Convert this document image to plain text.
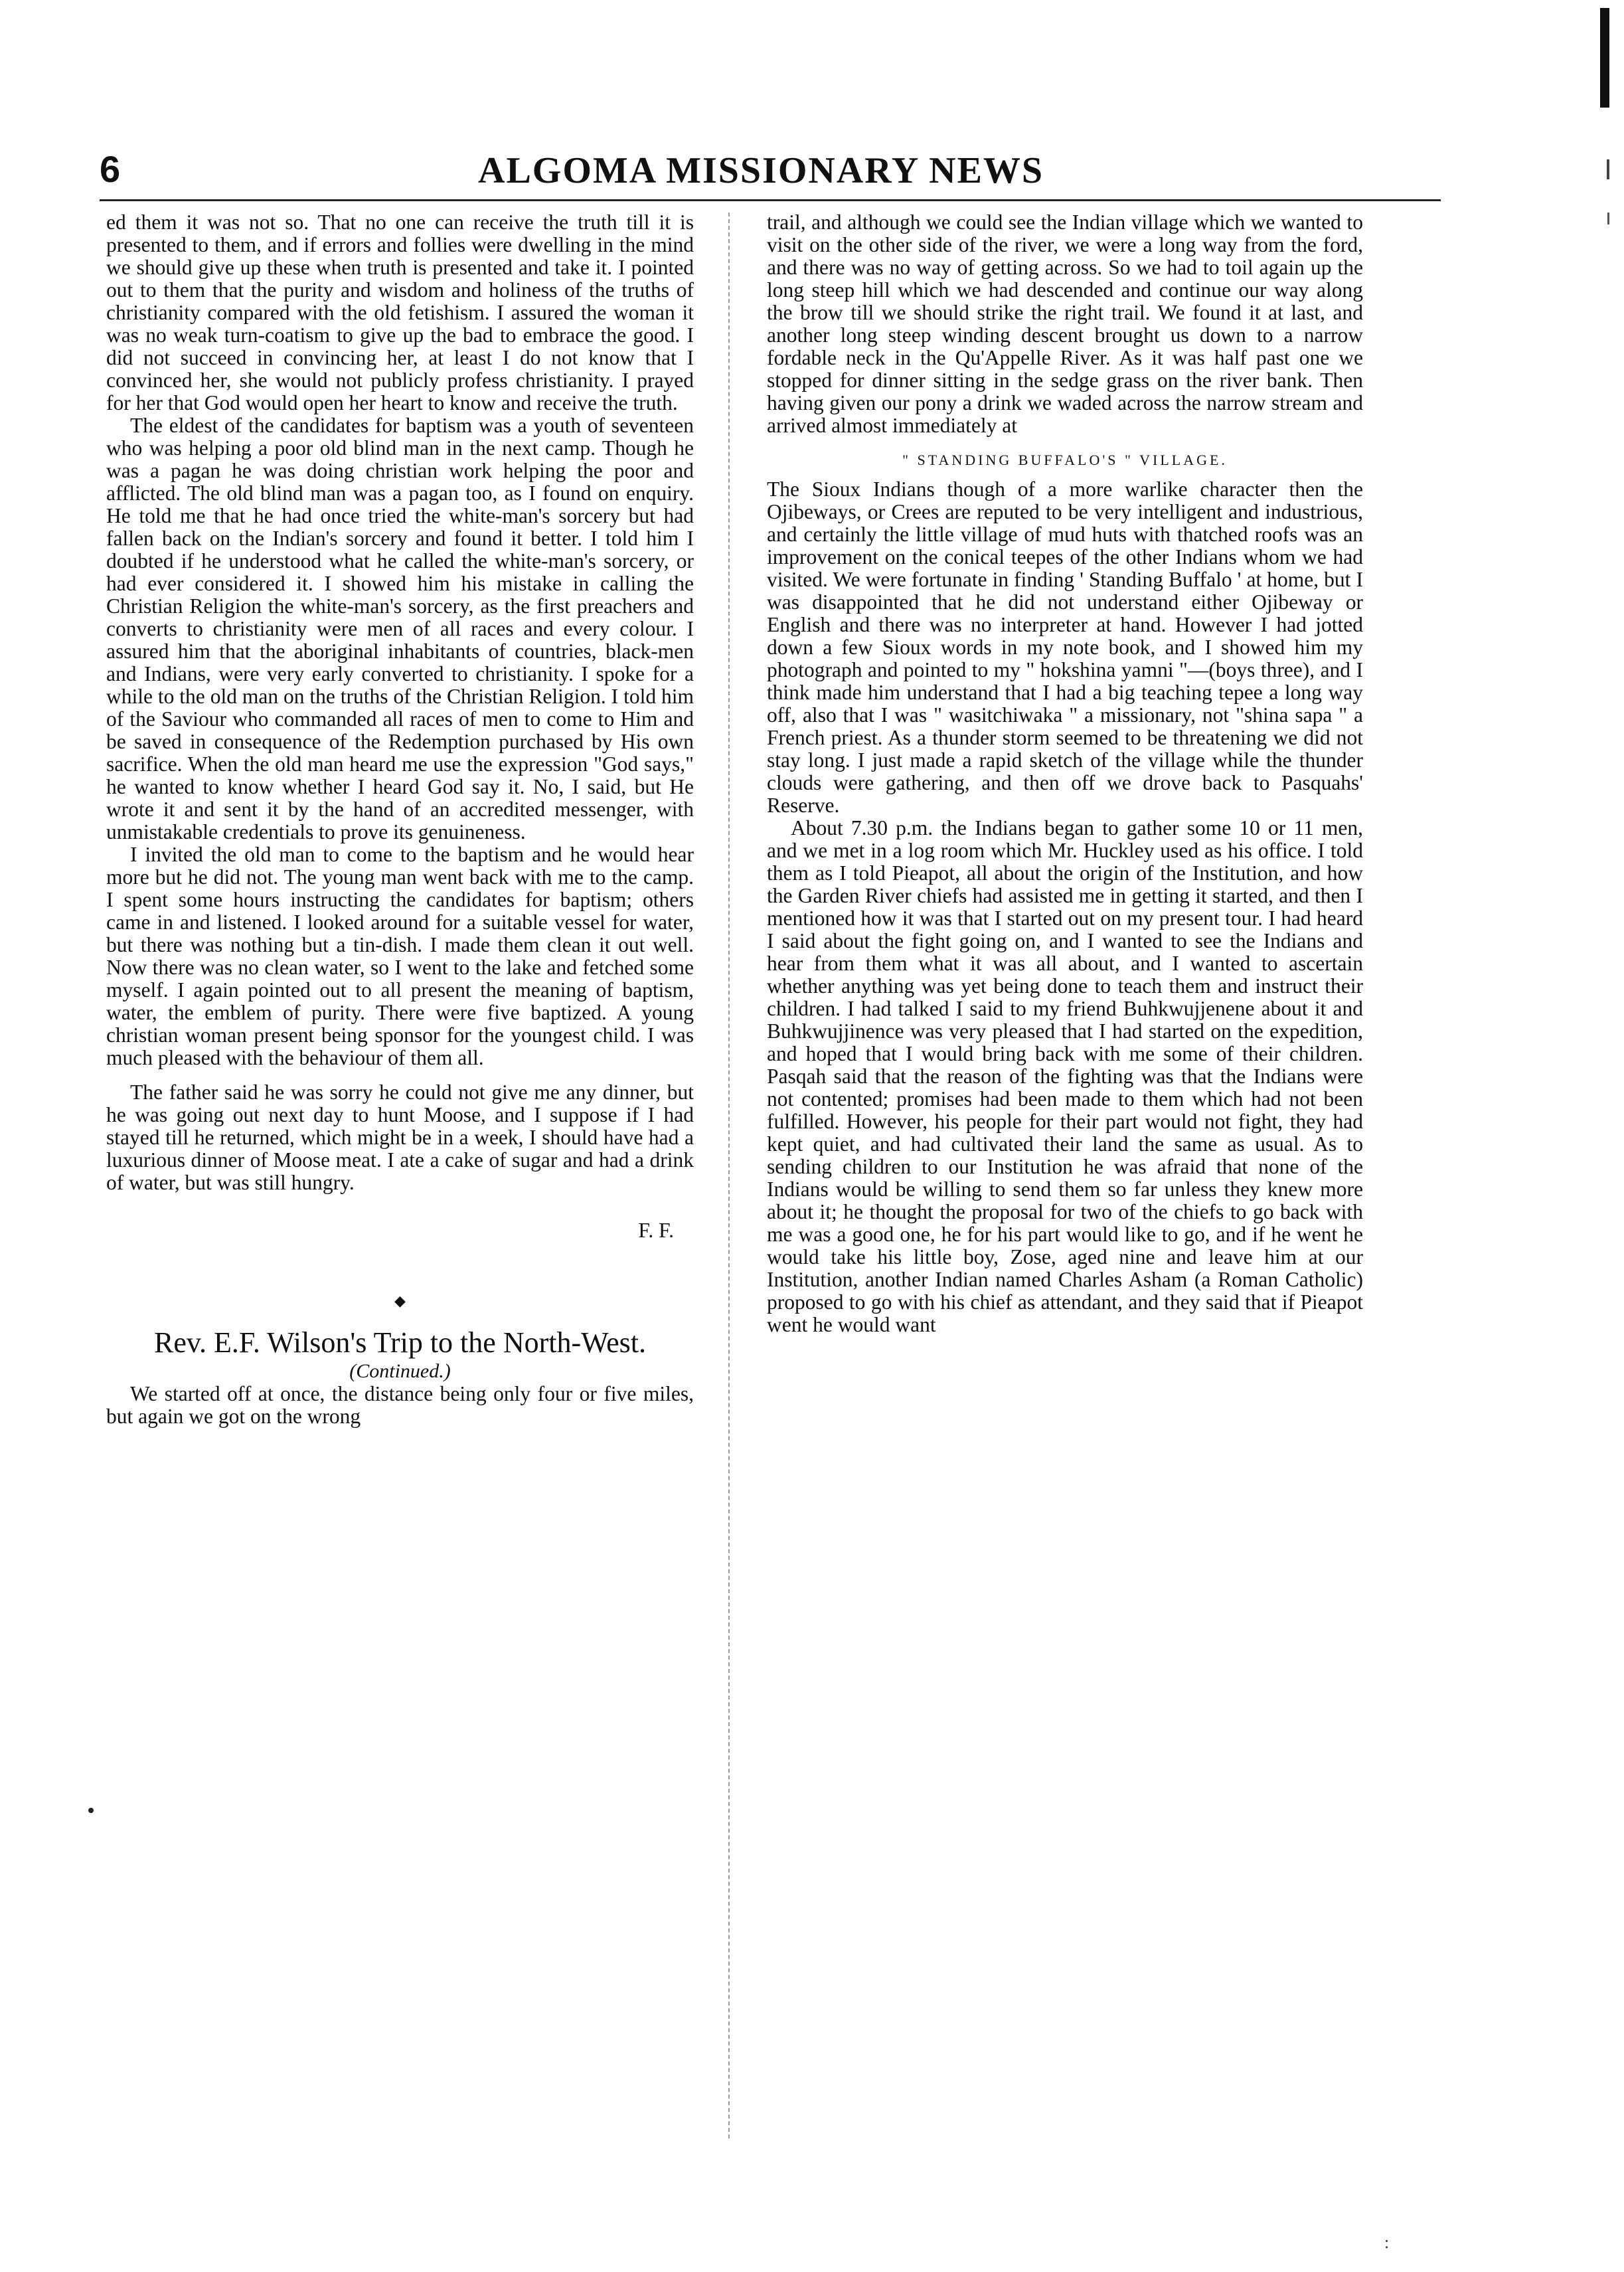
6	ALGOMA MISSIONARY NEWS

ed them it was not so. That no one can receive the truth till it is presented to them, and if errors and follies were dwelling in the mind we should give up these when truth is presented and take it. I pointed out to them that the purity and wisdom and holiness of the truths of christianity compared with the old fetishism. I assured the woman it was no weak turn-coatism to give up the bad to embrace the good. I did not succeed in convincing her, at least I do not know that I convinced her, she would not publicly profess christianity. I prayed for her that God would open her heart to know and receive the truth.

The eldest of the candidates for baptism was a youth of seventeen who was helping a poor old blind man in the next camp. Though he was a pagan he was doing christian work helping the poor and afflicted. The old blind man was a pagan too, as I found on enquiry. He told me that he had once tried the white-man's sorcery but had fallen back on the Indian's sorcery and found it better. I told him I doubted if he understood what he called the white-man's sorcery, or had ever considered it. I showed him his mistake in calling the Christian Religion the white-man's sorcery, as the first preachers and converts to christianity were men of all races and every colour. I assured him that the aboriginal inhabitants of countries, black-men and Indians, were very early converted to christianity. I spoke for a while to the old man on the truths of the Christian Religion. I told him of the Saviour who commanded all races of men to come to Him and be saved in consequence of the Redemption purchased by His own sacrifice. When the old man heard me use the expression "God says," he wanted to know whether I heard God say it. No, I said, but He wrote it and sent it by the hand of an accredited messenger, with unmistakable credentials to prove its genuineness.

I invited the old man to come to the baptism and he would hear more but he did not. The young man went back with me to the camp. I spent some hours instructing the candidates for baptism; others came in and listened. I looked around for a suitable vessel for water, but there was nothing but a tin-dish. I made them clean it out well. Now there was no clean water, so I went to the lake and fetched some myself. I again pointed out to all present the meaning of baptism, water, the emblem of purity. There were five baptized. A young christian woman present being sponsor for the youngest child. I was much pleased with the behaviour of them all.

The father said he was sorry he could not give me any dinner, but he was going out next day to hunt Moose, and I suppose if I had stayed till he returned, which might be in a week, I should have had a luxurious dinner of Moose meat. I ate a cake of sugar and had a drink of water, but was still hungry.

F. F.
◆
Rev. E.F. Wilson's Trip to the North-West.
(Continued.)

We started off at once, the distance being only four or five miles, but again we got on the wrong

trail, and although we could see the Indian village which we wanted to visit on the other side of the river, we were a long way from the ford, and there was no way of getting across. So we had to toil again up the long steep hill which we had descended and continue our way along the brow till we should strike the right trail. We found it at last, and another long steep winding descent brought us down to a narrow fordable neck in the Qu'Appelle River. As it was half past one we stopped for dinner sitting in the sedge grass on the river bank. Then having given our pony a drink we waded across the narrow stream and arrived almost immediately at

" STANDING BUFFALO'S " VILLAGE.

The Sioux Indians though of a more warlike character then the Ojibeways, or Crees are reputed to be very intelligent and industrious, and certainly the little village of mud huts with thatched roofs was an improvement on the conical teepes of the other Indians whom we had visited. We were fortunate in finding ' Standing Buffalo ' at home, but I was disappointed that he did not understand either Ojibeway or English and there was no interpreter at hand. However I had jotted down a few Sioux words in my note book, and I showed him my photograph and pointed to my " hokshina yamni "—(boys three), and I think made him understand that I had a big teaching tepee a long way off, also that I was " wasitchiwaka " a missionary, not "shina sapa " a French priest. As a thunder storm seemed to be threatening we did not stay long. I just made a rapid sketch of the village while the thunder clouds were gathering, and then off we drove back to Pasquahs' Reserve.

About 7.30 p.m. the Indians began to gather some 10 or 11 men, and we met in a log room which Mr. Huckley used as his office. I told them as I told Pieapot, all about the origin of the Institution, and how the Garden River chiefs had assisted me in getting it started, and then I mentioned how it was that I started out on my present tour. I had heard I said about the fight going on, and I wanted to see the Indians and hear from them what it was all about, and I wanted to ascertain whether anything was yet being done to teach them and instruct their children. I had talked I said to my friend Buhkwujjenene about it and Buhkwujjinence was very pleased that I had started on the expedition, and hoped that I would bring back with me some of their children. Pasqah said that the reason of the fighting was that the Indians were not contented; promises had been made to them which had not been fulfilled. However, his people for their part would not fight, they had kept quiet, and had cultivated their land the same as usual. As to sending children to our Institution he was afraid that none of the Indians would be willing to send them so far unless they knew more about it; he thought the proposal for two of the chiefs to go back with me was a good one, he for his part would like to go, and if he went he would take his little boy, Zose, aged nine and leave him at our Institution, another Indian named Charles Asham (a Roman Catholic) proposed to go with his chief as attendant, and they said that if Pieapot went he would want

:
